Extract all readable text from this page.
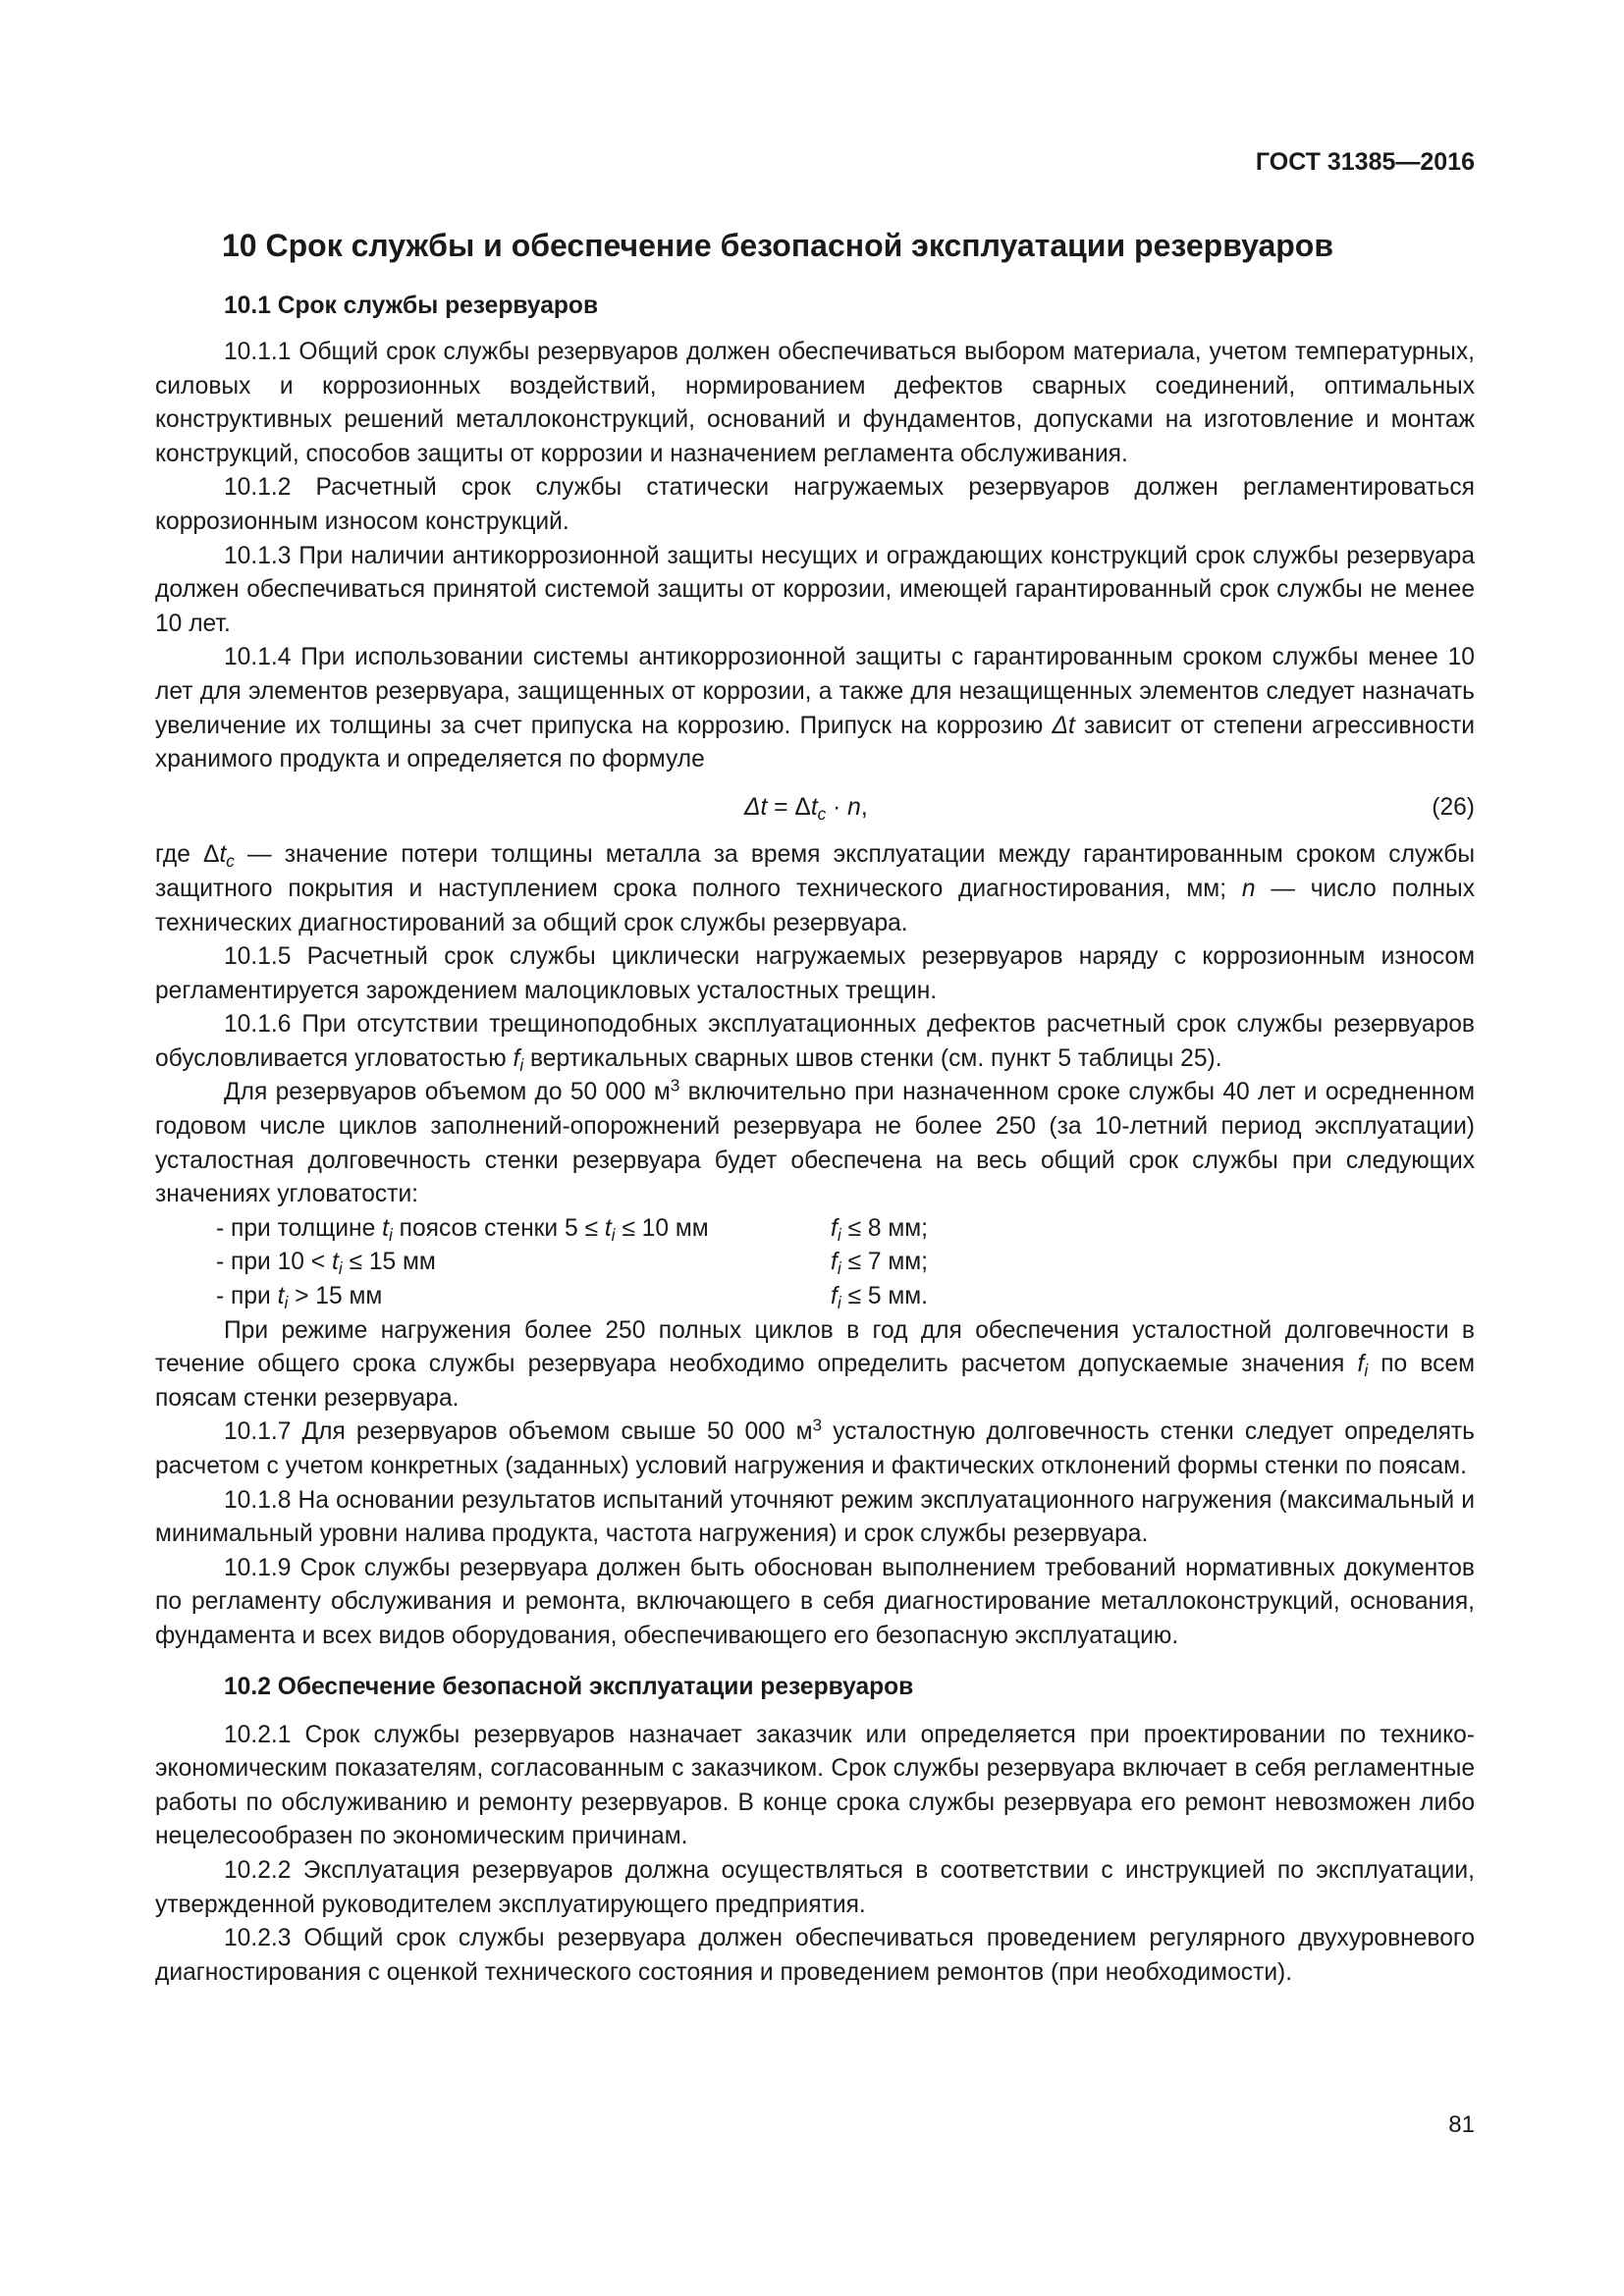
ГОСТ 31385—2016
10 Срок службы и обеспечение безопасной эксплуатации резервуаров
10.1 Срок службы резервуаров

10.1.1 Общий срок службы резервуаров должен обеспечиваться выбором материала, учетом температурных, силовых и коррозионных воздействий, нормированием дефектов сварных соединений, оптимальных конструктивных решений металлоконструкций, оснований и фундаментов, допусками на изготовление и монтаж конструкций, способов защиты от коррозии и назначением регламента обслуживания.

10.1.2 Расчетный срок службы статически нагружаемых резервуаров должен регламентироваться коррозионным износом конструкций.

10.1.3 При наличии антикоррозионной защиты несущих и ограждающих конструкций срок службы резервуара должен обеспечиваться принятой системой защиты от коррозии, имеющей гарантированный срок службы не менее 10 лет.

10.1.4 При использовании системы антикоррозионной защиты с гарантированным сроком службы менее 10 лет для элементов резервуара, защищенных от коррозии, а также для незащищенных элементов следует назначать увеличение их толщины за счет припуска на коррозию. Припуск на коррозию Δt зависит от степени агрессивности хранимого продукта и определяется по формуле

$\Delta t = \Delta t_c \cdot n$,	(26)

где $\Delta t_c$ — значение потери толщины металла за время эксплуатации между гарантированным сроком службы защитного покрытия и наступлением срока полного технического диагностирования, мм; n — число полных технических диагностирований за общий срок службы резервуара.

10.1.5 Расчетный срок службы циклически нагружаемых резервуаров наряду с коррозионным износом регламентируется зарождением малоцикловых усталостных трещин.

10.1.6 При отсутствии трещиноподобных эксплуатационных дефектов расчетный срок службы резервуаров обусловливается угловатостью $f_i$ вертикальных сварных швов стенки (см. пункт 5 таблицы 25).

Для резервуаров объемом до 50 000 $м^3$ включительно при назначенном сроке службы 40 лет и осредненном годовом числе циклов заполнений-опорожнений резервуара не более 250 (за 10-летний период эксплуатации) усталостная долговечность стенки резервуара будет обеспечена на весь общий срок службы при следующих значениях угловатости:

- при толщине $t_i$ поясов стенки $5 \le t_i \le 10$ мм	$f_i \le 8$ мм;
- при $10 < t_i \le 15$ мм	$f_i \le 7$ мм;
- при $t_i > 15$ мм	$f_i \le 5$ мм.

При режиме нагружения более 250 полных циклов в год для обеспечения усталостной долговечности в течение общего срока службы резервуара необходимо определить расчетом допускаемые значения $f_i$ по всем поясам стенки резервуара.

10.1.7 Для резервуаров объемом свыше 50 000 $м^3$ усталостную долговечность стенки следует определять расчетом с учетом конкретных (заданных) условий нагружения и фактических отклонений формы стенки по поясам.

10.1.8 На основании результатов испытаний уточняют режим эксплуатационного нагружения (максимальный и минимальный уровни налива продукта, частота нагружения) и срок службы резервуара.

10.1.9 Срок службы резервуара должен быть обоснован выполнением требований нормативных документов по регламенту обслуживания и ремонта, включающего в себя диагностирование металлоконструкций, основания, фундамента и всех видов оборудования, обеспечивающего его безопасную эксплуатацию.

10.2 Обеспечение безопасной эксплуатации резервуаров

10.2.1 Срок службы резервуаров назначает заказчик или определяется при проектировании по технико-экономическим показателям, согласованным с заказчиком. Срок службы резервуара включает в себя регламентные работы по обслуживанию и ремонту резервуаров. В конце срока службы резервуара его ремонт невозможен либо нецелесообразен по экономическим причинам.

10.2.2 Эксплуатация резервуаров должна осуществляться в соответствии с инструкцией по эксплуатации, утвержденной руководителем эксплуатирующего предприятия.

10.2.3 Общий срок службы резервуара должен обеспечиваться проведением регулярного двухуровневого диагностирования с оценкой технического состояния и проведением ремонтов (при необходимости).

81
